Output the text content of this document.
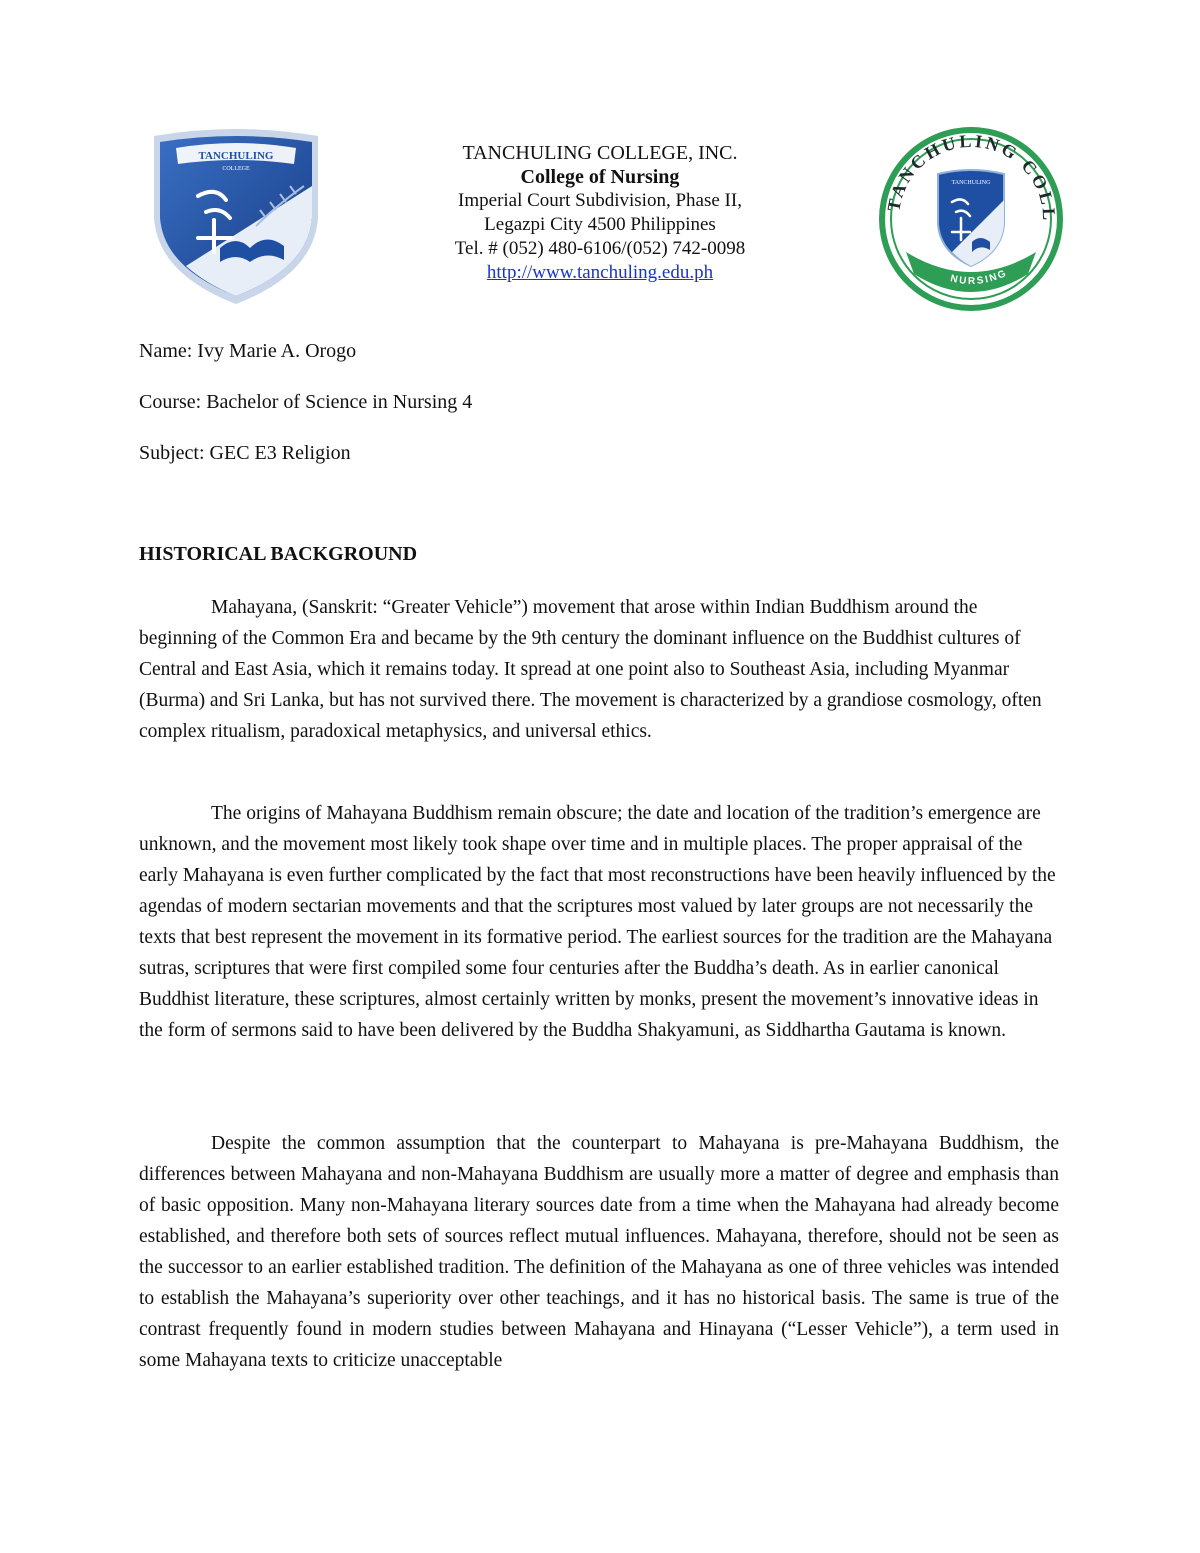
TANCHULING
COLLEGE
TANCHULING COLLEGE, INC.
College of Nursing
Imperial Court Subdivision, Phase II,
Legazpi City 4500 Philippines
Tel. # (052) 480-6106/(052) 742-0098
http://www.tanchuling.edu.ph
TANCHULING COLL
NURSING
TANCHULING
Name: Ivy Marie A. Orogo
Course: Bachelor of Science in Nursing 4
Subject: GEC E3 Religion
HISTORICAL BACKGROUND

Mahayana, (Sanskrit: “Greater Vehicle”) movement that arose within Indian Buddhism around the beginning of the Common Era and became by the 9th century the dominant influence on the Buddhist cultures of Central and East Asia, which it remains today. It spread at one point also to Southeast Asia, including Myanmar (Burma) and Sri Lanka, but has not survived there. The movement is characterized by a grandiose cosmology, often complex ritualism, paradoxical metaphysics, and universal ethics.

The origins of Mahayana Buddhism remain obscure; the date and location of the tradition’s emergence are unknown, and the movement most likely took shape over time and in multiple places. The proper appraisal of the early Mahayana is even further complicated by the fact that most reconstructions have been heavily influenced by the agendas of modern sectarian movements and that the scriptures most valued by later groups are not necessarily the texts that best represent the movement in its formative period. The earliest sources for the tradition are the Mahayana sutras, scriptures that were first compiled some four centuries after the Buddha’s death. As in earlier canonical Buddhist literature, these scriptures, almost certainly written by monks, present the movement’s innovative ideas in the form of sermons said to have been delivered by the Buddha Shakyamuni, as Siddhartha Gautama is known.

Despite the common assumption that the counterpart to Mahayana is pre-Mahayana Buddhism, the differences between Mahayana and non-Mahayana Buddhism are usually more a matter of degree and emphasis than of basic opposition. Many non-Mahayana literary sources date from a time when the Mahayana had already become established, and therefore both sets of sources reflect mutual influences. Mahayana, therefore, should not be seen as the successor to an earlier established tradition. The definition of the Mahayana as one of three vehicles was intended to establish the Mahayana’s superiority over other teachings, and it has no historical basis. The same is true of the contrast frequently found in modern studies between Mahayana and Hinayana (“Lesser Vehicle”), a term used in some Mahayana texts to criticize unacceptable
